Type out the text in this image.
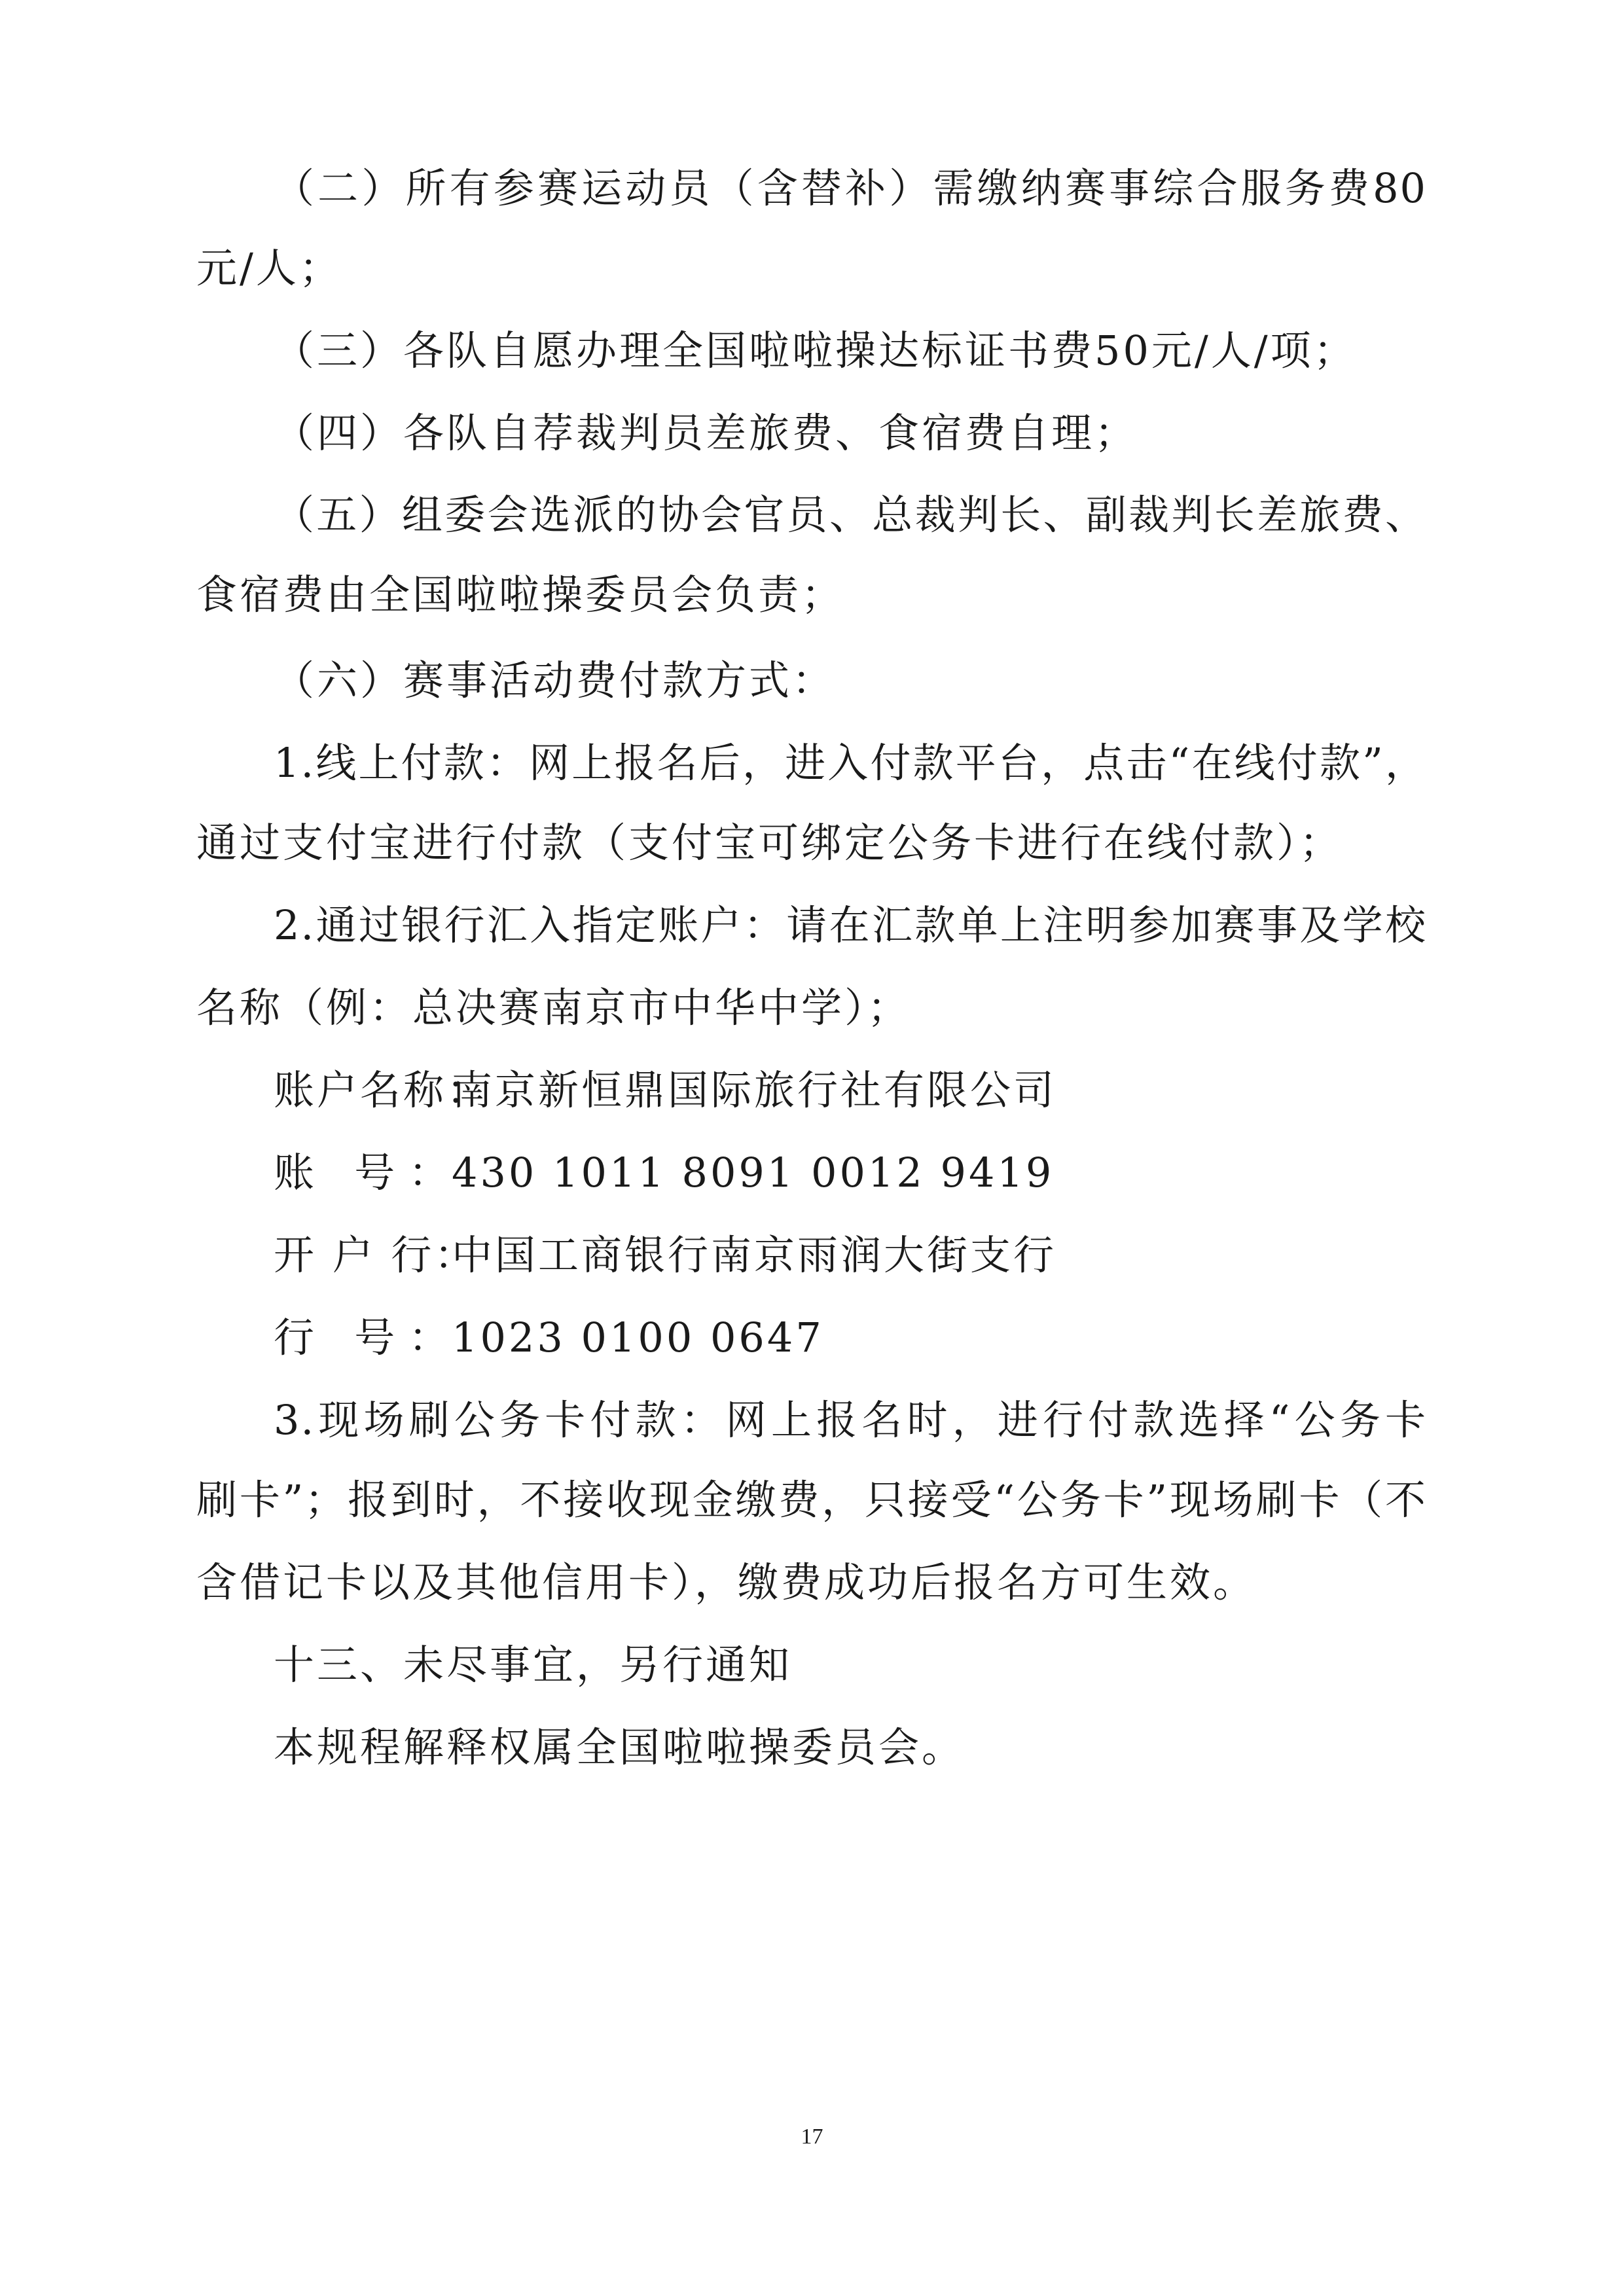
（二）所有参赛运动员（含替补）需缴纳赛事综合服务费80
元/人；
（三）各队自愿办理全国啦啦操达标证书费50元/人/项；
（四）各队自荐裁判员差旅费、食宿费自理；
（五）组委会选派的协会官员、总裁判长、副裁判长差旅费、
食宿费由全国啦啦操委员会负责；
（六）赛事活动费付款方式：
1.线上付款：网上报名后，进入付款平台，点击“在线付款”，
通过支付宝进行付款（支付宝可绑定公务卡进行在线付款）；
2.通过银行汇入指定账户：请在汇款单上注明参加赛事及学校
名称（例：总决赛南京市中华中学）；
账户名称：南京新恒鼎国际旅行社有限公司
账 号：430 1011 8091 0012 9419
开 户 行：中国工商银行南京雨润大街支行
行 号：1023 0100 0647
3.现场刷公务卡付款：网上报名时，进行付款选择“公务卡
刷卡”；报到时，不接收现金缴费，只接受“公务卡”现场刷卡（不
含借记卡以及其他信用卡），缴费成功后报名方可生效。
十三、未尽事宜，另行通知
本规程解释权属全国啦啦操委员会。
17
